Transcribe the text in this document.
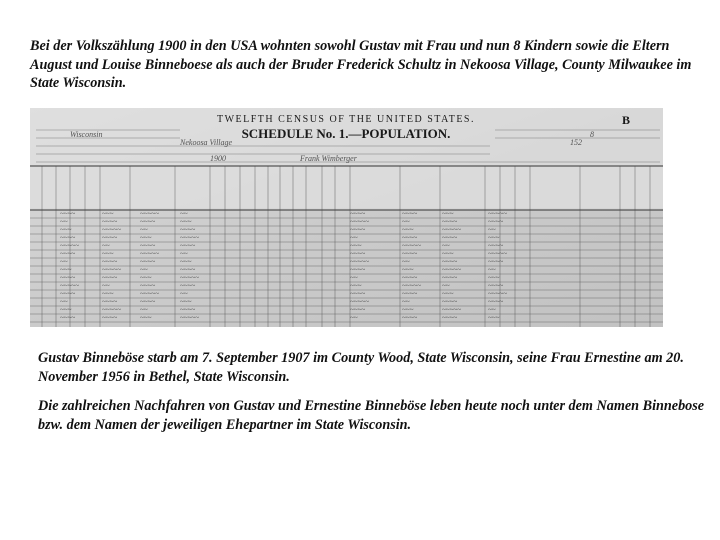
Bei der Volkszählung 1900 in den USA wohnten sowohl Gustav mit Frau und nun 8 Kindern sowie die Eltern August und Louise Binneboese als auch der Bruder Frederick Schultz in Nekoosa Village, County Milwaukee im State Wisconsin.

TWELFTH CENSUS OF THE UNITED STATES.
SCHEDULE No. 1.—POPULATION.
B
Wisconsin
Nekoosa Village
1900	Frank Wimberger
8
152
~~~~	~~~	~~~~~	~~	~~~~	~~~~	~~~	~~~~~
~~	~~~~	~~~~	~~~	~~~~~	~~	~~~~	~~~~
~~~	~~~~~	~~	~~~~	~~~~	~~~	~~~~~	~~
~~~~	~~~~	~~~	~~~~~	~~	~~~~	~~~~	~~~
~~~~~	~~	~~~~	~~~~	~~~	~~~~~	~~	~~~~
~~~~	~~~	~~~~~	~~	~~~~	~~~~	~~~	~~~~~
~~	~~~~	~~~~	~~~	~~~~~	~~	~~~~	~~~~
~~~	~~~~~	~~	~~~~	~~~~	~~~	~~~~~	~~
~~~~	~~~~	~~~	~~~~~	~~	~~~~	~~~~	~~~
~~~~~	~~	~~~~	~~~~	~~~	~~~~~	~~	~~~~
~~~~	~~~	~~~~~	~~	~~~~	~~~~	~~~	~~~~~
~~	~~~~	~~~~	~~~	~~~~~	~~	~~~~	~~~~
~~~	~~~~~	~~	~~~~	~~~~	~~~	~~~~~	~~
~~~~	~~~~	~~~	~~~~~	~~	~~~~	~~~~	~~~

Gustav Binneböse starb am 7. September 1907 im County Wood, State Wisconsin, seine Frau Ernestine am 20. November 1956 in Bethel, State Wisconsin.

Die zahlreichen Nachfahren von Gustav und Ernestine Binneböse leben heute noch unter dem Namen Binnebose bzw. dem Namen der jeweiligen Ehepartner im State Wisconsin.
